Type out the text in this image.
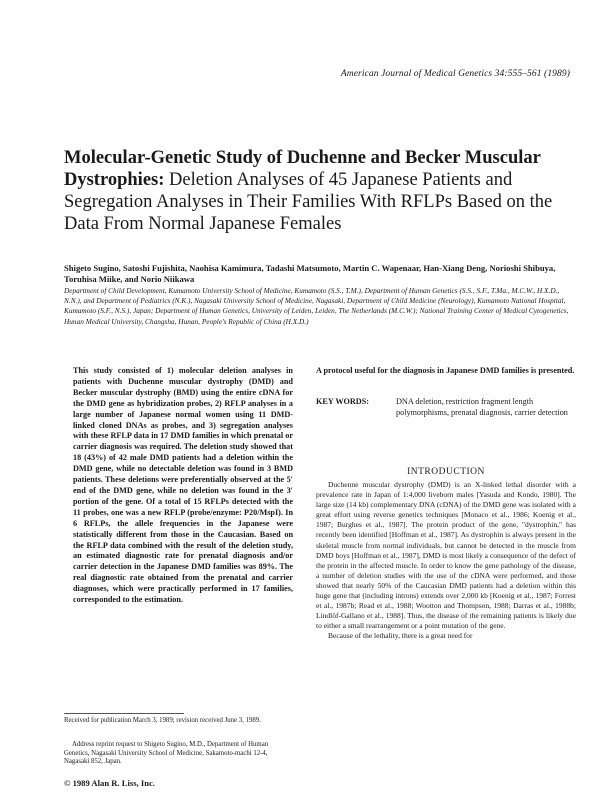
American Journal of Medical Genetics 34:555–561 (1989)
Molecular-Genetic Study of Duchenne and Becker Muscular Dystrophies: Deletion Analyses of 45 Japanese Patients and Segregation Analyses in Their Families With RFLPs Based on the Data From Normal Japanese Females
Shigeto Sugino, Satoshi Fujishita, Naohisa Kamimura, Tadashi Matsumoto, Martin C. Wapenaar, Han-Xiang Deng, Norioshi Shibuya, Toruhisa Miike, and Norio Niikawa
Department of Child Development, Kumamoto University School of Medicine, Kumamoto (S.S., T.M.), Department of Human Genetics (S.S., S.F., T.Ma., M.C.W., H.X.D., N.N.), and Department of Pediatrics (N.K.), Nagasaki University School of Medicine, Nagasaki, Department of Child Medicine (Neurology), Kumamoto National Hospital, Kumamoto (S.F., N.S.), Japan; Department of Human Genetics, University of Leiden, Leiden, The Netherlands (M.C.W.); National Training Center of Medical Cytogenetics, Hunan Medical University, Changsha, Hunan, People's Republic of China (H.X.D.)
This study consisted of 1) molecular deletion analyses in patients with Duchenne muscular dystrophy (DMD) and Becker muscular dystrophy (BMD) using the entire cDNA for the DMD gene as hybridization probes, 2) RFLP analyses in a large number of Japanese normal women using 11 DMD-linked cloned DNAs as probes, and 3) segregation analyses with these RFLP data in 17 DMD families in which prenatal or carrier diagnosis was required. The deletion study showed that 18 (43%) of 42 male DMD patients had a deletion within the DMD gene, while no detectable deletion was found in 3 BMD patients. These deletions were preferentially observed at the 5′ end of the DMD gene, while no deletion was found in the 3′ portion of the gene. Of a total of 15 RFLPs detected with the 11 probes, one was a new RFLP (probe/enzyme: P20/MspI). In 6 RFLPs, the allele frequencies in the Japanese were statistically different from those in the Caucasian. Based on the RFLP data combined with the result of the deletion study, an estimated diagnostic rate for prenatal diagnosis and/or carrier detection in the Japanese DMD families was 89%. The real diagnostic rate obtained from the prenatal and carrier diagnoses, which were practically performed in 17 families, corresponded to the estimation.
A protocol useful for the diagnosis in Japanese DMD families is presented.
KEY WORDS:	DNA deletion, restriction fragment length polymorphisms, prenatal diagnosis, carrier detection
INTRODUCTION
Duchenne muscular dystrophy (DMD) is an X-linked lethal disorder with a prevalence rate in Japan of 1:4,000 liveborn males [Yasuda and Kondo, 1980]. The large size (14 kb) complementary DNA (cDNA) of the DMD gene was isolated with a great effort using reverse genetics techniques [Monaco et al., 1986; Koenig et al., 1987; Burghes et al., 1987]. The protein product of the gene, "dystrophin," has recently been identified [Hoffman et al., 1987]. As dystrophin is always present in the skeletal muscle from normal individuals, but cannot be detected in the muscle from DMD boys [Hoffman et al., 1987], DMD is most likely a consequence of the defect of the protein in the affected muscle. In order to know the gene pathology of the disease, a number of deletion studies with the use of the cDNA were performed, and those showed that nearly 50% of the Caucasian DMD patients had a deletion within this huge gene that (including introns) extends over 2,000 kb [Koenig et al., 1987; Forrest et al., 1987b; Read et al., 1988; Wootton and Thompson, 1988; Darras et al., 1988b; Lindlöf-Gallano et al., 1988]. Thus, the disease of the remaining patients is likely due to either a small rearrangement or a point mutation of the gene.
Because of the lethality, there is a great need for
Received for publication March 3, 1989; revision received June 3, 1989.
Address reprint request to Shigeto Sugino, M.D., Department of Human Genetics, Nagasaki University School of Medicine, Sakamoto-machi 12-4, Nagasaki 852, Japan.
© 1989 Alan R. Liss, Inc.
